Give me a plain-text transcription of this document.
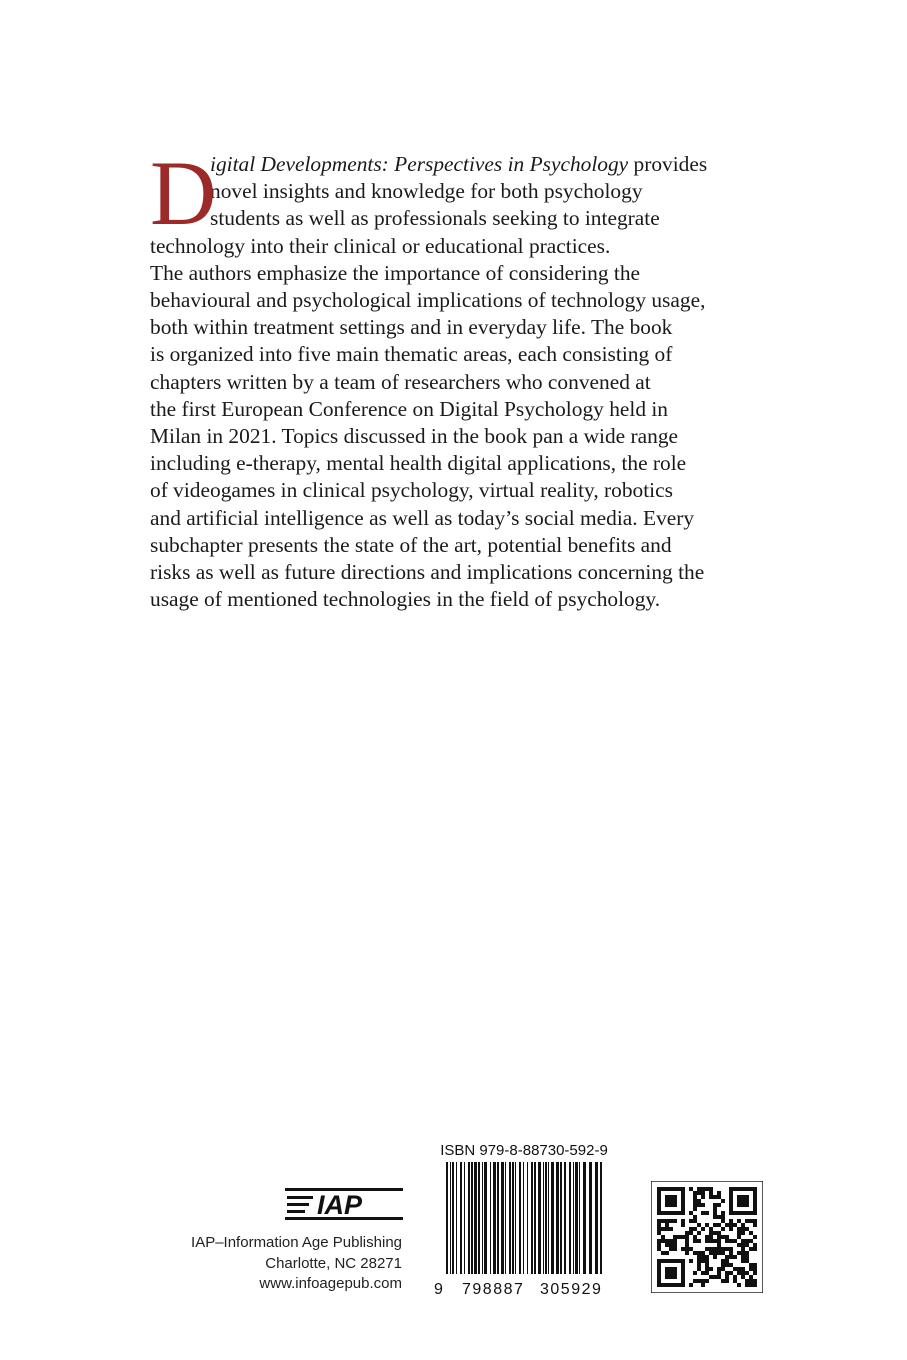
D
igital Developments: Perspectives in Psychology provides
novel insights and knowledge for both psychology
students as well as professionals seeking to integrate
technology into their clinical or educational practices.
The authors emphasize the importance of considering the
behavioural and psychological implications of technology usage,
both within treatment settings and in everyday life. The book
is organized into five main thematic areas, each consisting of
chapters written by a team of researchers who convened at
the first European Conference on Digital Psychology held in
Milan in 2021. Topics discussed in the book pan a wide range
including e-therapy, mental health digital applications, the role
of videogames in clinical psychology, virtual reality, robotics
and artificial intelligence as well as today’s social media. Every
subchapter presents the state of the art, potential benefits and
risks as well as future directions and implications concerning the
usage of mentioned technologies in the field of psychology.
IAP
IAP–Information Age Publishing
Charlotte, NC 28271
www.infoagepub.com
ISBN 979-8-88730-592-9
9 798887 305929
